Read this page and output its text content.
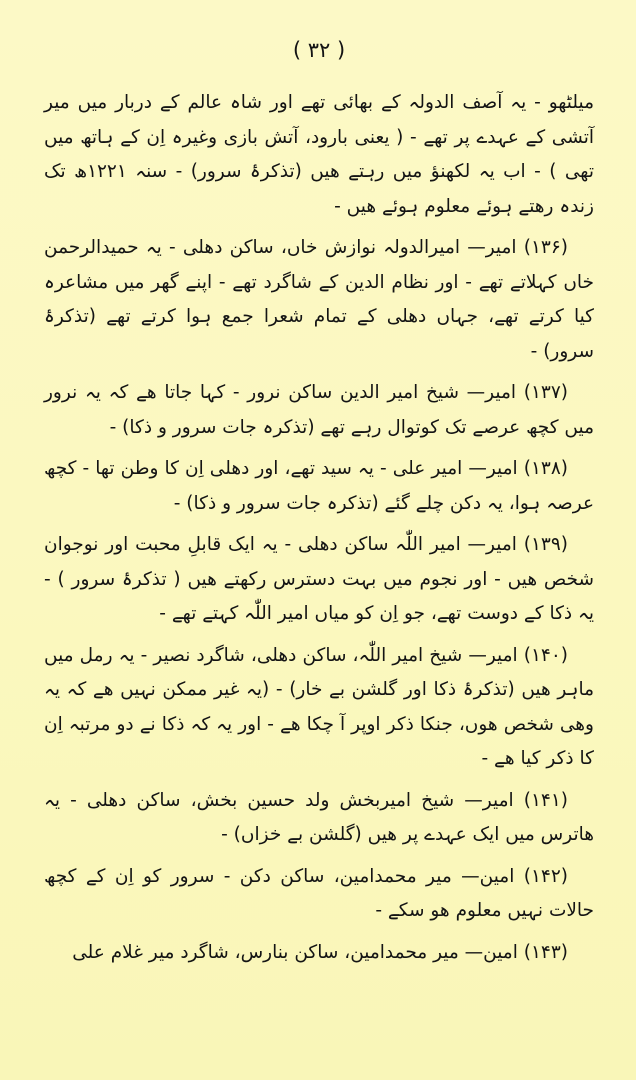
( ۳۲ )

میلٹھو - یہ آصف الدولہ کے بھائی تھے اور شاہ عالم کے دربار میں میر آتشی کے عہدے پر تھے - ( یعنی بارود، آتش بازی وغیرہ اِن کے ہاتھ میں تھی ) - اب یہ لکھنؤ میں رہتے ھیں (تذکرۂ سرور) - سنہ ۱۲۲۱ھ تک زندہ رھتے ہوئے معلوم ہوئے ھیں -

(۱۳۶) امیر— امیرالدولہ نوازش خاں، ساکن دھلی - یہ حمیدالرحمن خاں کہلاتے تھے - اور نظام الدین کے شاگرد تھے - اپنے گھر میں مشاعرہ کیا کرتے تھے، جہاں دھلی کے تمام شعرا جمع ہوا کرتے تھے (تذکرۂ سرور) -

(۱۳۷) امیر— شیخ امیر الدین ساکن نرور - کہا جاتا ھے کہ یہ نرور میں کچھ عرصے تک کوتوال رہے تھے (تذکرہ جات سرور و ذکا) -

(۱۳۸) امیر— امیر علی - یہ سید تھے، اور دھلی اِن کا وطن تھا - کچھ عرصہ ہوا، یہ دکن چلے گئے (تذکرہ جات سرور و ذکا) -

(۱۳۹) امیر— امیر اللّٰہ ساکن دھلی - یہ ایک قابلِ محبت اور نوجوان شخص ھیں - اور نجوم میں بہت دسترس رکھتے ھیں ( تذکرۂ سرور ) - یہ ذکا کے دوست تھے، جو اِن کو میاں امیر اللّٰہ کہتے تھے -

(۱۴۰) امیر— شیخ امیر اللّٰہ، ساکن دھلی، شاگرد نصیر - یہ رمل میں ماہر ھیں (تذکرۂ ذکا اور گلشن بے خار) - (یہ غیر ممکن نہیں ھے کہ یہ وھی شخص ھوں، جنکا ذکر اوپر آ چکا ھے - اور یہ کہ ذکا نے دو مرتبہ اِن کا ذکر کیا ھے -

(۱۴۱) امیر— شیخ امیربخش ولد حسین بخش، ساکن دھلی - یہ ھاترس میں ایک عہدے پر ھیں (گلشن بے خزاں) -

(۱۴۲) امین— میر محمدامین، ساکن دکن - سرور کو اِن کے کچھ حالات نہیں معلوم ھو سکے -

(۱۴۳) امین— میر محمدامین، ساکن بنارس، شاگرد میر غلام علی
